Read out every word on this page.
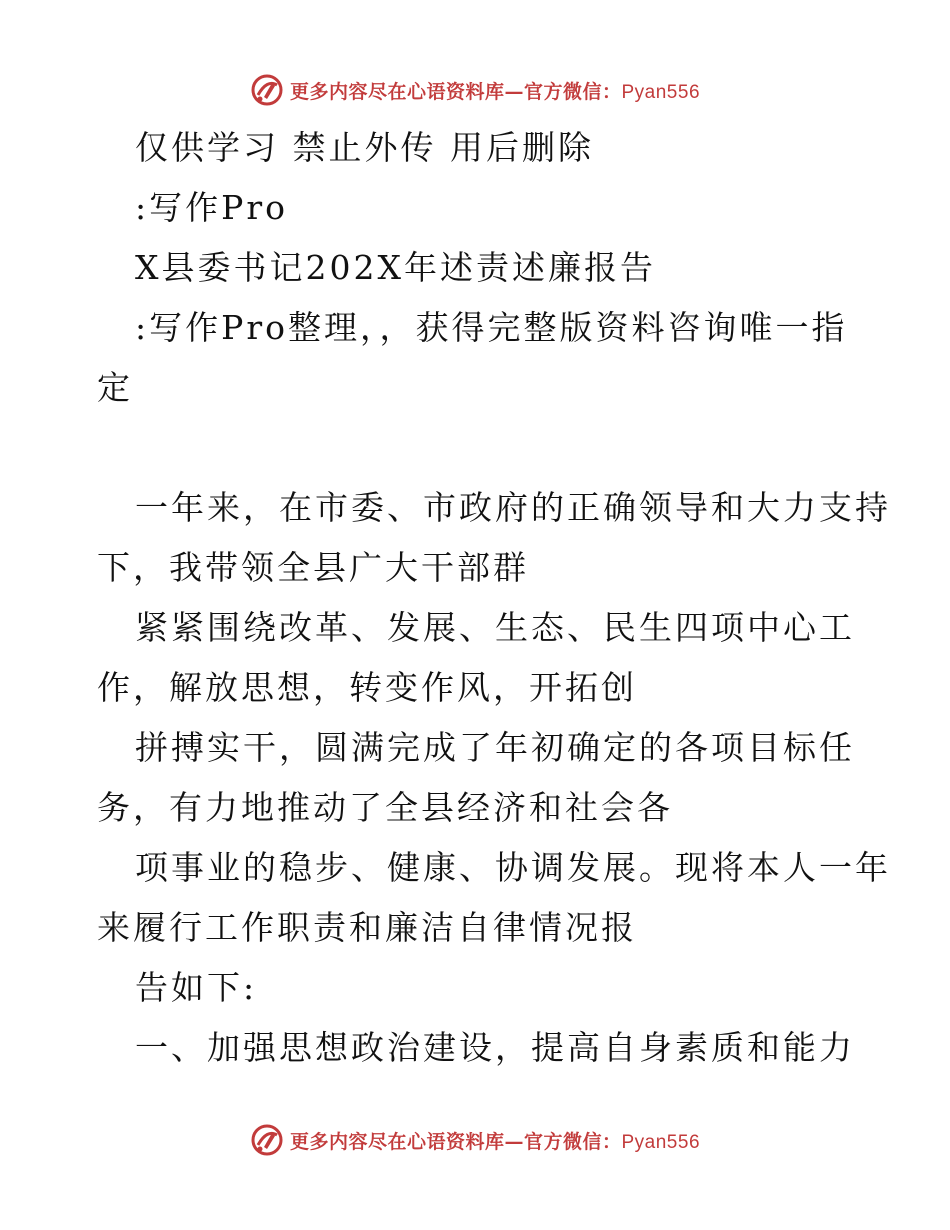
更多内容尽在心语资料库—官方微信：Pyan556
仅供学习 禁止外传 用后删除
:写作Pro
X县委书记202X年述责述廉报告
:写作Pro整理，，获得完整版资料咨询唯一指
定
一年来，在市委、市政府的正确领导和大力支持
下，我带领全县广大干部群
紧紧围绕改革、发展、生态、民生四项中心工
作，解放思想，转变作风，开拓创
拼搏实干，圆满完成了年初确定的各项目标任
务，有力地推动了全县经济和社会各
项事业的稳步、健康、协调发展。现将本人一年
来履行工作职责和廉洁自律情况报
告如下:
一、加强思想政治建设，提高自身素质和能力
更多内容尽在心语资料库—官方微信：Pyan556
